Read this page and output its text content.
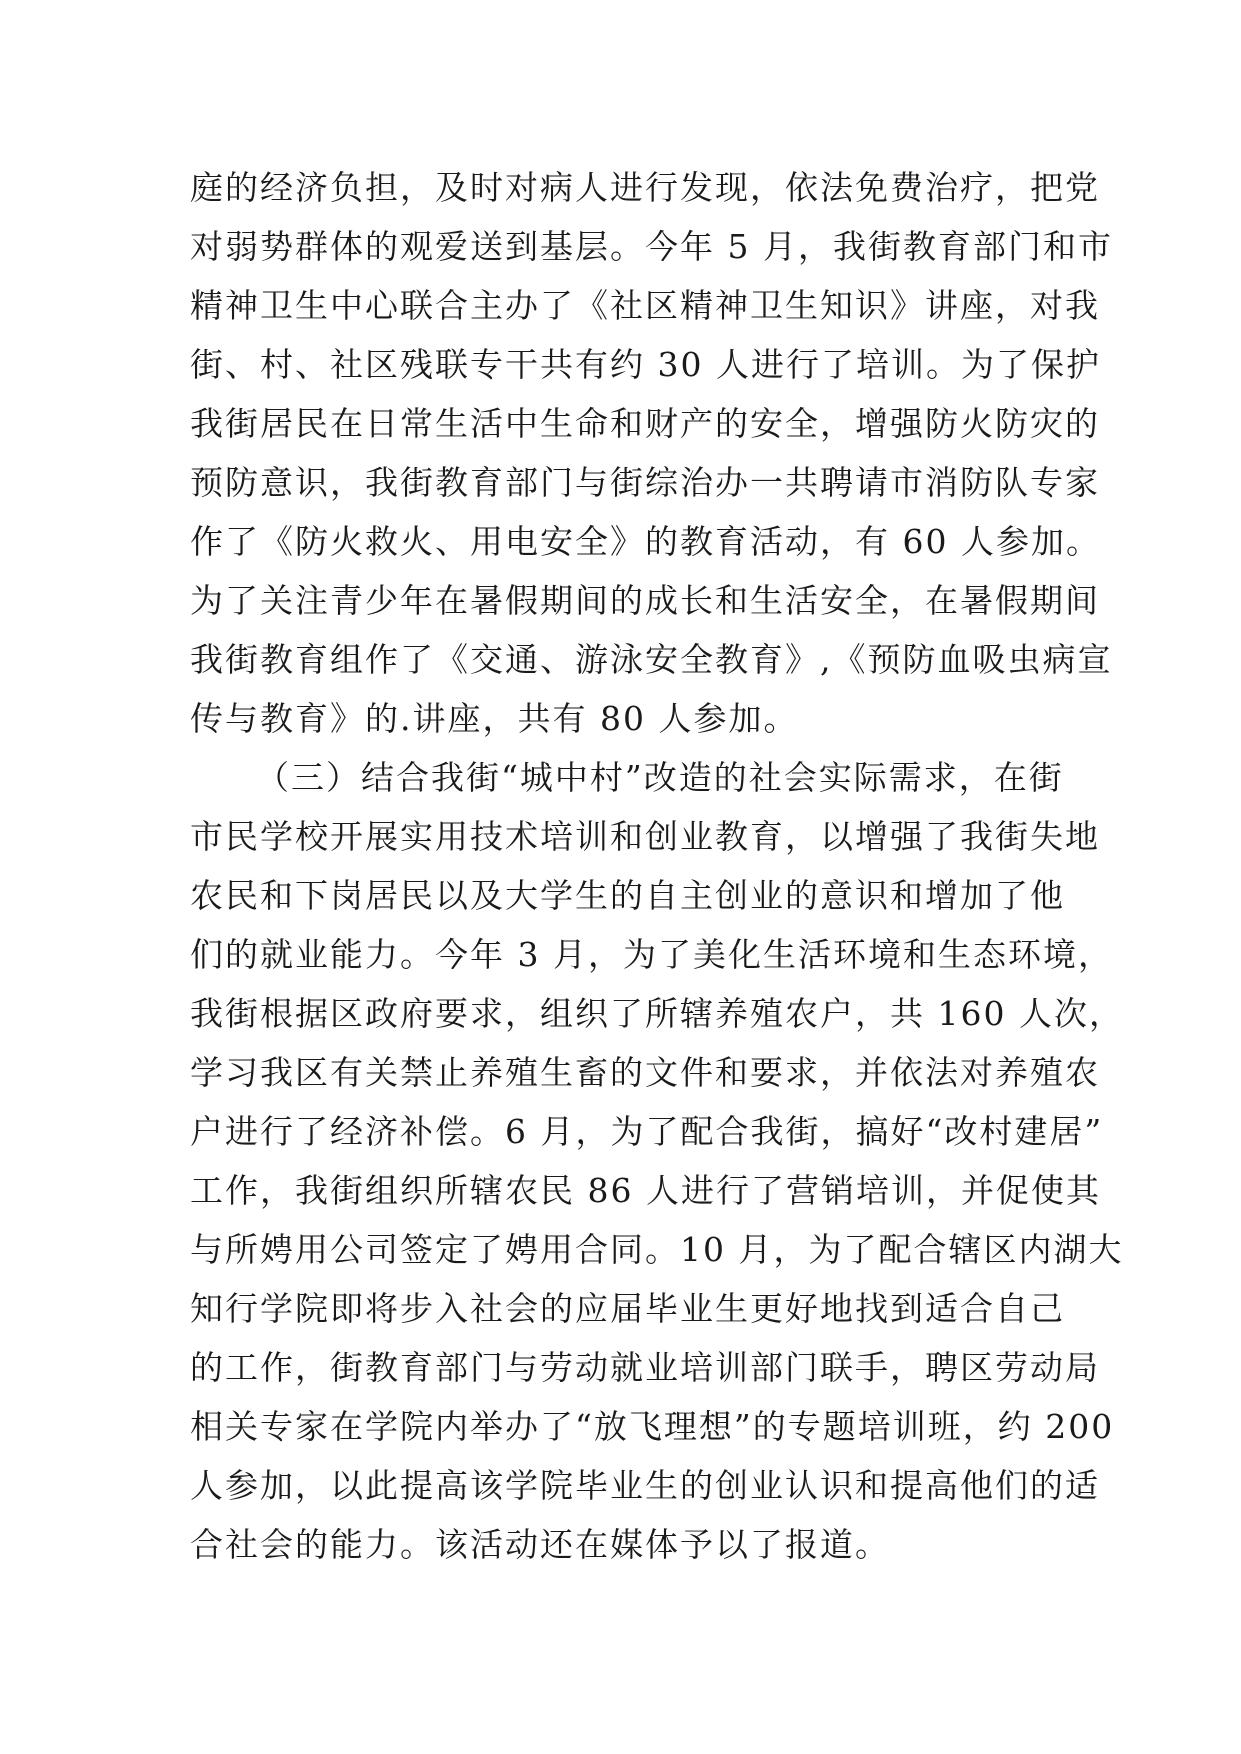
庭的经济负担，及时对病人进行发现，依法免费治疗，把党
对弱势群体的观爱送到基层。今年 5 月，我街教育部门和市
精神卫生中心联合主办了《社区精神卫生知识》讲座，对我
街、村、社区残联专干共有约 30 人进行了培训。为了保护
我街居民在日常生活中生命和财产的安全，增强防火防灾的
预防意识，我街教育部门与街综治办一共聘请市消防队专家
作了《防火救火、用电安全》的教育活动，有 60 人参加。
为了关注青少年在暑假期间的成长和生活安全，在暑假期间
我街教育组作了《交通、游泳安全教育》,《预防血吸虫病宣
传与教育》的.讲座，共有 80 人参加。
（三）结合我街“城中村”改造的社会实际需求，在街
市民学校开展实用技术培训和创业教育，以增强了我街失地
农民和下岗居民以及大学生的自主创业的意识和增加了他
们的就业能力。今年 3 月，为了美化生活环境和生态环境，
我街根据区政府要求，组织了所辖养殖农户，共 160 人次，
学习我区有关禁止养殖生畜的文件和要求，并依法对养殖农
户进行了经济补偿。6 月，为了配合我街，搞好“改村建居”
工作，我街组织所辖农民 86 人进行了营销培训，并促使其
与所娉用公司签定了娉用合同。10 月，为了配合辖区内湖大
知行学院即将步入社会的应届毕业生更好地找到适合自己
的工作，街教育部门与劳动就业培训部门联手，聘区劳动局
相关专家在学院内举办了“放飞理想”的专题培训班，约 200
人参加，以此提高该学院毕业生的创业认识和提高他们的适
合社会的能力。该活动还在媒体予以了报道。
